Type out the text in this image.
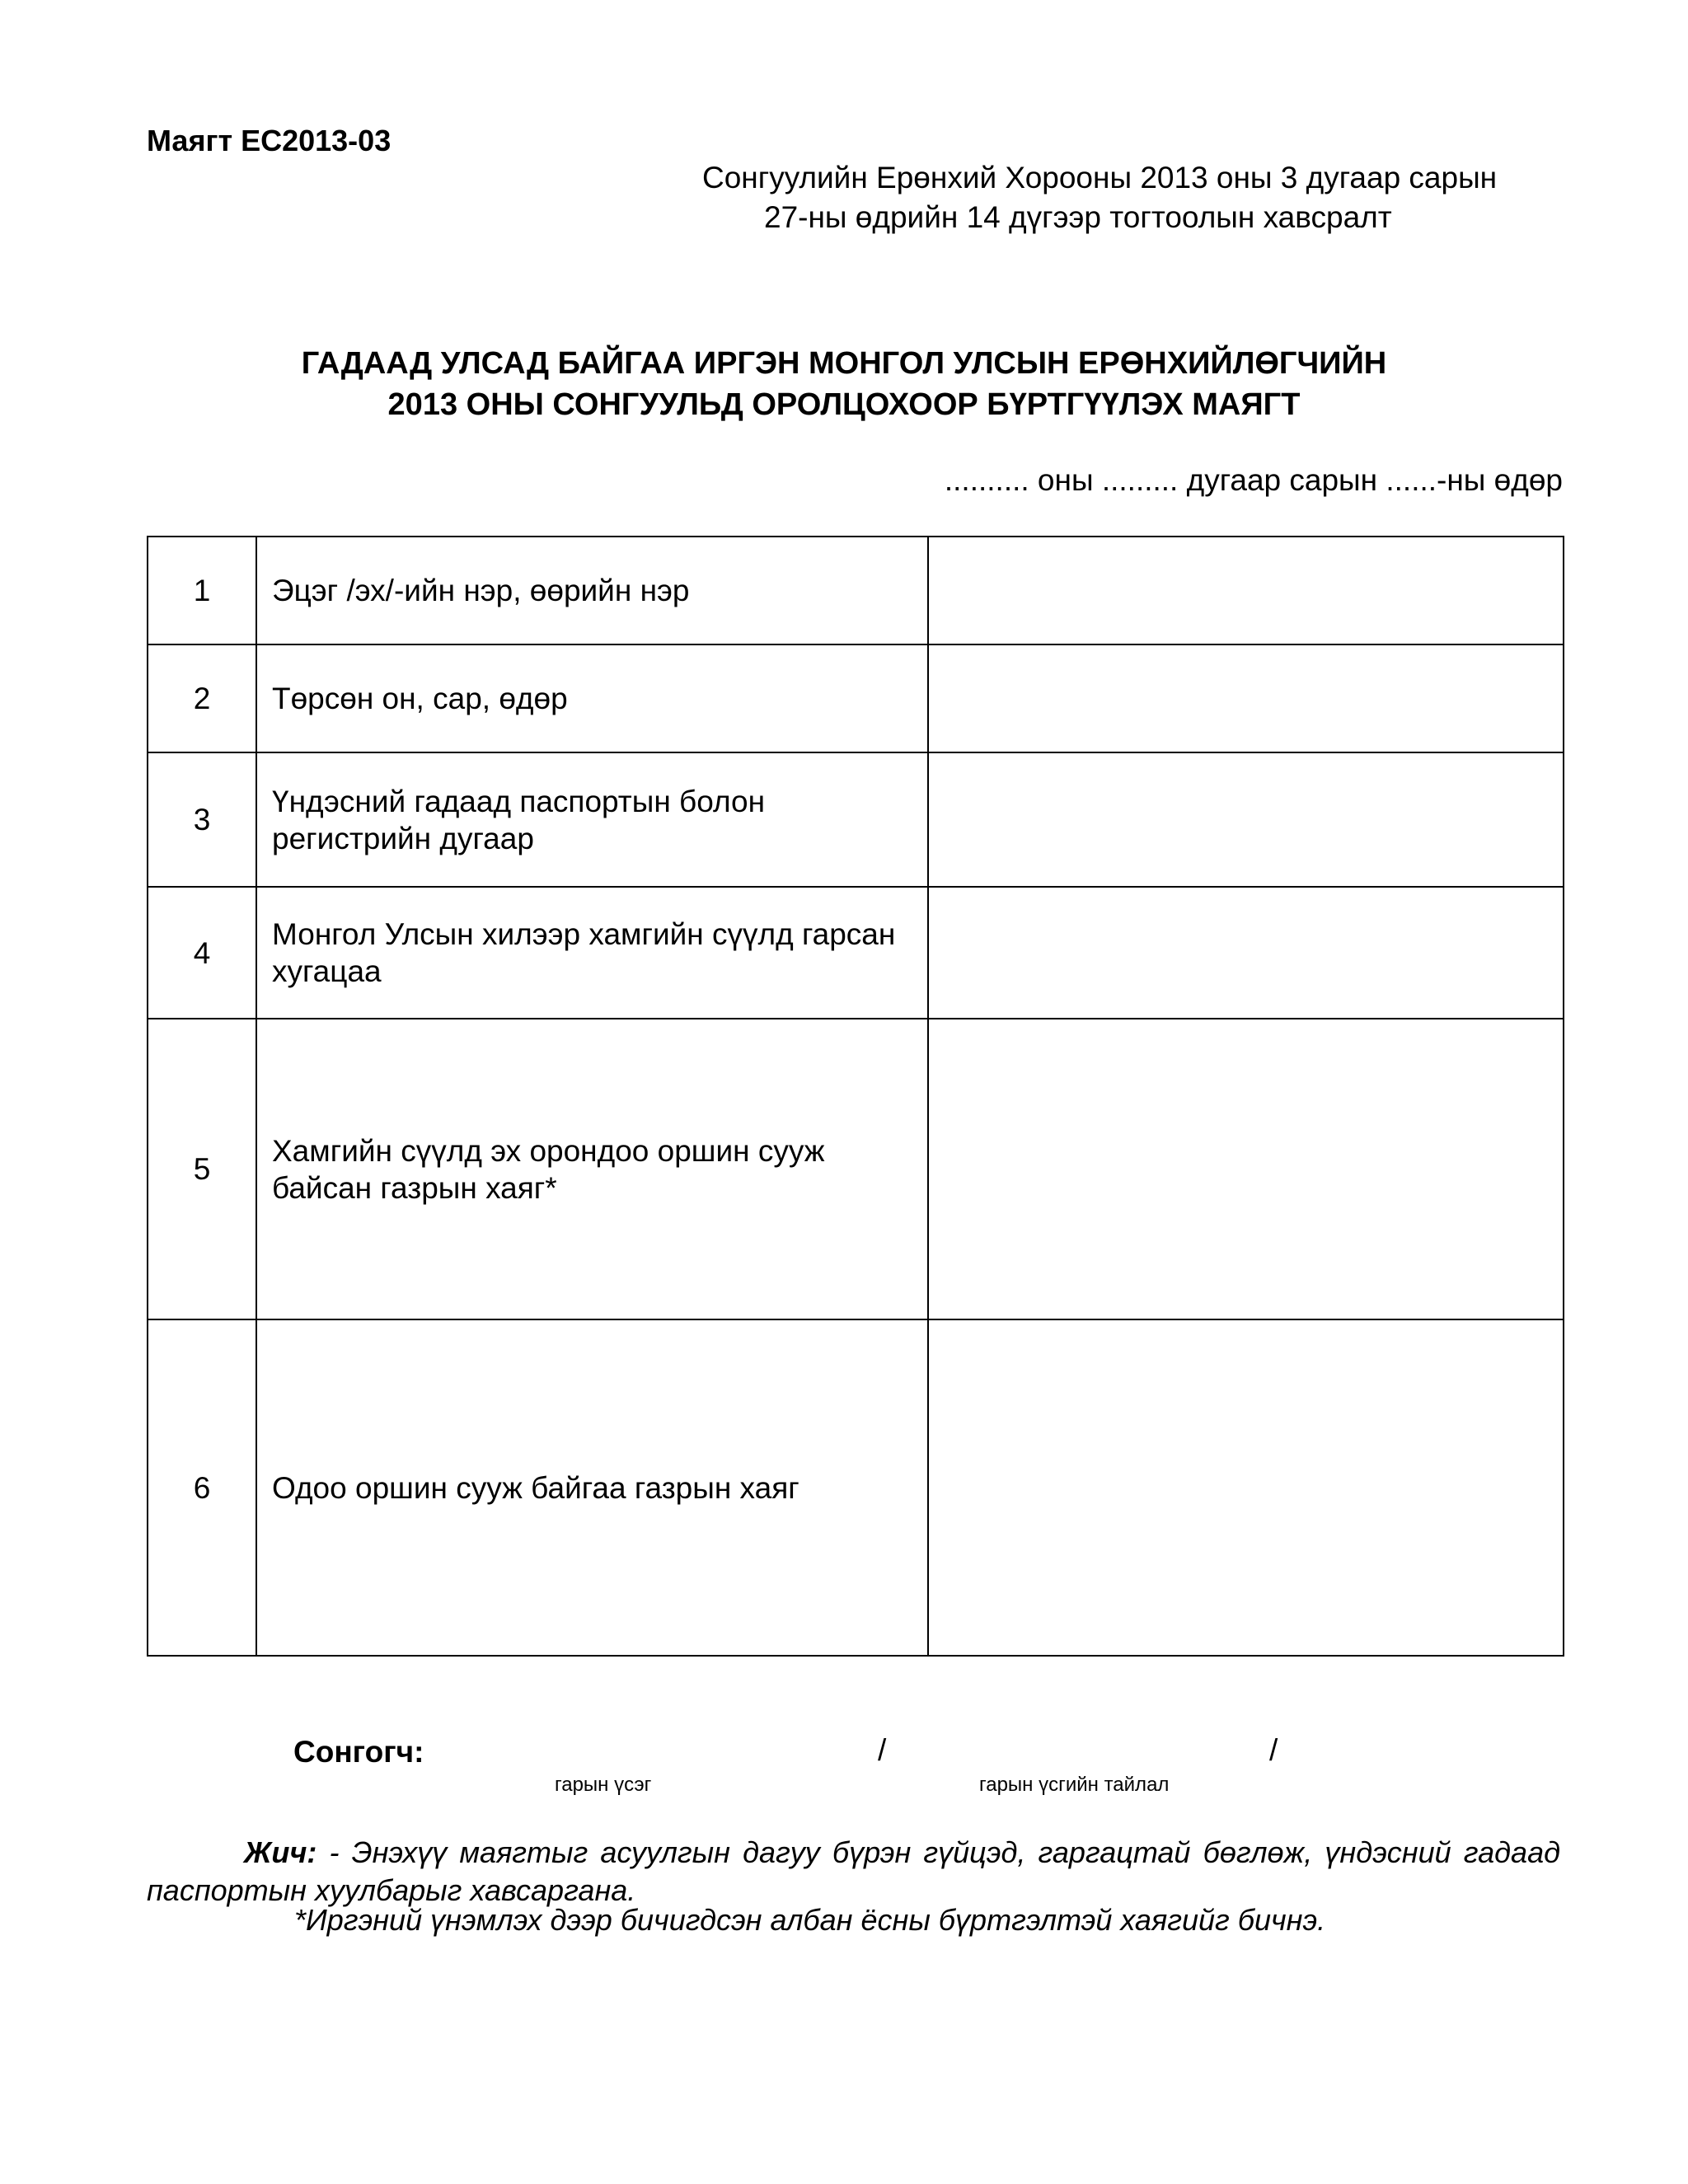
Маягт ЕС2013-03
Сонгуулийн Ерөнхий Хорооны 2013 оны 3 дугаар сарын
27-ны өдрийн 14 дүгээр тогтоолын хавсралт
ГАДААД УЛСАД БАЙГАА ИРГЭН МОНГОЛ УЛСЫН ЕРӨНХИЙЛӨГЧИЙН
2013 ОНЫ СОНГУУЛЬД ОРОЛЦОХООР БҮРТГҮҮЛЭХ МАЯГТ
.......... оны ......... дугаар сарын ......-ны өдөр
1	Эцэг /эх/-ийн нэр, өөрийн нэр	
2	Төрсөн он, сар, өдөр	
3	Үндэсний гадаад паспортын болон регистрийн дугаар	
4	Монгол Улсын хилээр хамгийн сүүлд гарсан хугацаа	
5	Хамгийн сүүлд эх орондоо оршин сууж байсан газрын хаяг*	
6	Одоо оршин сууж байгаа газрын хаяг	
Сонгогч:	/	/
гарын үсэг	гарын үсгийн тайлал
Жич: - Энэхүү маягтыг асуулгын дагуу бүрэн гүйцэд, гаргацтай бөглөж, үндэсний гадаад паспортын хуулбарыг хавсаргана.
*Иргэний үнэмлэх дээр бичигдсэн албан ёсны бүртгэлтэй хаягийг бичнэ.
